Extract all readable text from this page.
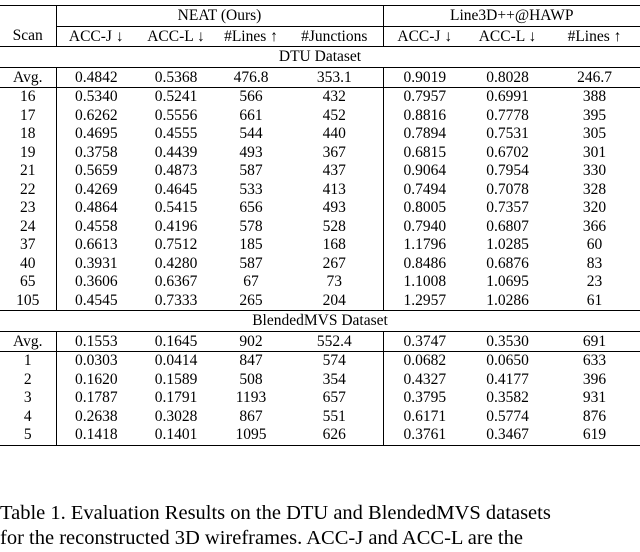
	NEAT (Ours)				Line3D++@HAWP		
Scan	ACC-J ↓	ACC-L ↓	#Lines ↑	#Junctions	ACC-J ↓	ACC-L ↓	#Lines ↑
DTU Dataset							
Avg.	0.4842	0.5368	476.8	353.1	0.9019	0.8028	246.7
16	0.5340	0.5241	566	432	0.7957	0.6991	388
17	0.6262	0.5556	661	452	0.8816	0.7778	395
18	0.4695	0.4555	544	440	0.7894	0.7531	305
19	0.3758	0.4439	493	367	0.6815	0.6702	301
21	0.5659	0.4873	587	437	0.9064	0.7954	330
22	0.4269	0.4645	533	413	0.7494	0.7078	328
23	0.4864	0.5415	656	493	0.8005	0.7357	320
24	0.4558	0.4196	578	528	0.7940	0.6807	366
37	0.6613	0.7512	185	168	1.1796	1.0285	60
40	0.3931	0.4280	587	267	0.8486	0.6876	83
65	0.3606	0.6367	67	73	1.1008	1.0695	23
105	0.4545	0.7333	265	204	1.2957	1.0286	61
BlendedMVS Dataset							
Avg.	0.1553	0.1645	902	552.4	0.3747	0.3530	691
1	0.0303	0.0414	847	574	0.0682	0.0650	633
2	0.1620	0.1589	508	354	0.4327	0.4177	396
3	0.1787	0.1791	1193	657	0.3795	0.3582	931
4	0.2638	0.3028	867	551	0.6171	0.5774	876
5	0.1418	0.1401	1095	626	0.3761	0.3467	619
Table 1. Evaluation Results on the DTU and BlendedMVS datasets
for the reconstructed 3D wireframes. ACC-J and ACC-L are the
